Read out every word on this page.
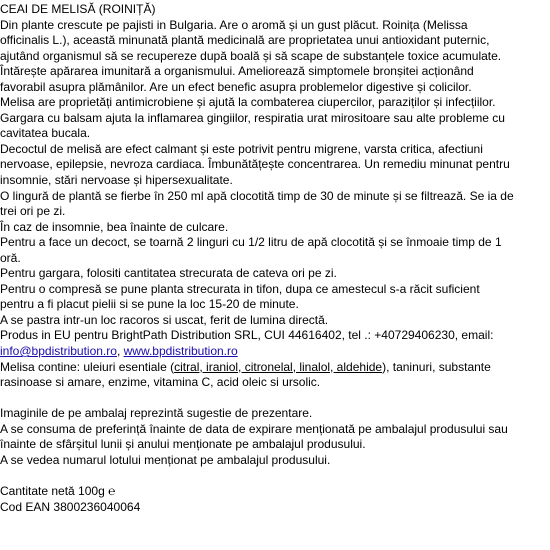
CEAI DE MELISĂ (ROINIȚĂ)
Din plante crescute pe pajisti in Bulgaria. Are o aromă și un gust plăcut. Roinița (Melissa
officinalis L.), această minunată plantă medicinală are proprietatea unui antioxidant puternic,
ajutând organismul să se recupereze după boală și să scape de substanțele toxice acumulate.
Întărește apărarea imunitară a organismului. Ameliorează simptomele bronșitei acționând
favorabil asupra plămânilor. Are un efect benefic asupra problemelor digestive și colicilor.
Melisa are proprietăți antimicrobiene și ajută la combaterea ciupercilor, paraziților și infecțiilor.
Gargara cu balsam ajuta la inflamarea gingiilor, respiratia urat mirositoare sau alte probleme cu
cavitatea bucala.
Decoctul de melisă are efect calmant și este potrivit pentru migrene, varsta critica, afectiuni
nervoase, epilepsie, nevroza cardiaca. Îmbunătățește concentrarea. Un remediu minunat pentru
insomnie, stări nervoase și hipersexualitate.
O lingură de plantă se fierbe în 250 ml apă clocotită timp de 30 de minute și se filtrează. Se ia de
trei ori pe zi.
În caz de insomnie, bea înainte de culcare.
Pentru a face un decoct, se toarnă 2 linguri cu 1/2 litru de apă clocotită și se înmoaie timp de 1
oră.
Pentru gargara, folositi cantitatea strecurata de cateva ori pe zi.
Pentru o compresă se pune planta strecurata in tifon, dupa ce amestecul s-a răcit suficient
pentru a fi placut pielii si se pune la loc 15-20 de minute.
A se pastra intr-un loc racoros si uscat, ferit de lumina directă.
Produs in EU pentru BrightPath Distribution SRL, CUI 44616402, tel .: +40729406230, email:
info@bpdistribution.ro, www.bpdistribution.ro
Melisa contine: uleiuri esentiale (citral, iraniol, citronelal, linalol, aldehide), taninuri, substante
rasinoase si amare, enzime, vitamina C, acid oleic si ursolic.
Imaginile de pe ambalaj reprezintă sugestie de prezentare.
A se consuma de preferință înainte de data de expirare menționată pe ambalajul produsului sau
înainte de sfârșitul lunii și anului menționate pe ambalajul produsului.
A se vedea numarul lotului menționat pe ambalajul produsului.
Cantitate netă 100g ℮
Cod EAN 3800236040064
